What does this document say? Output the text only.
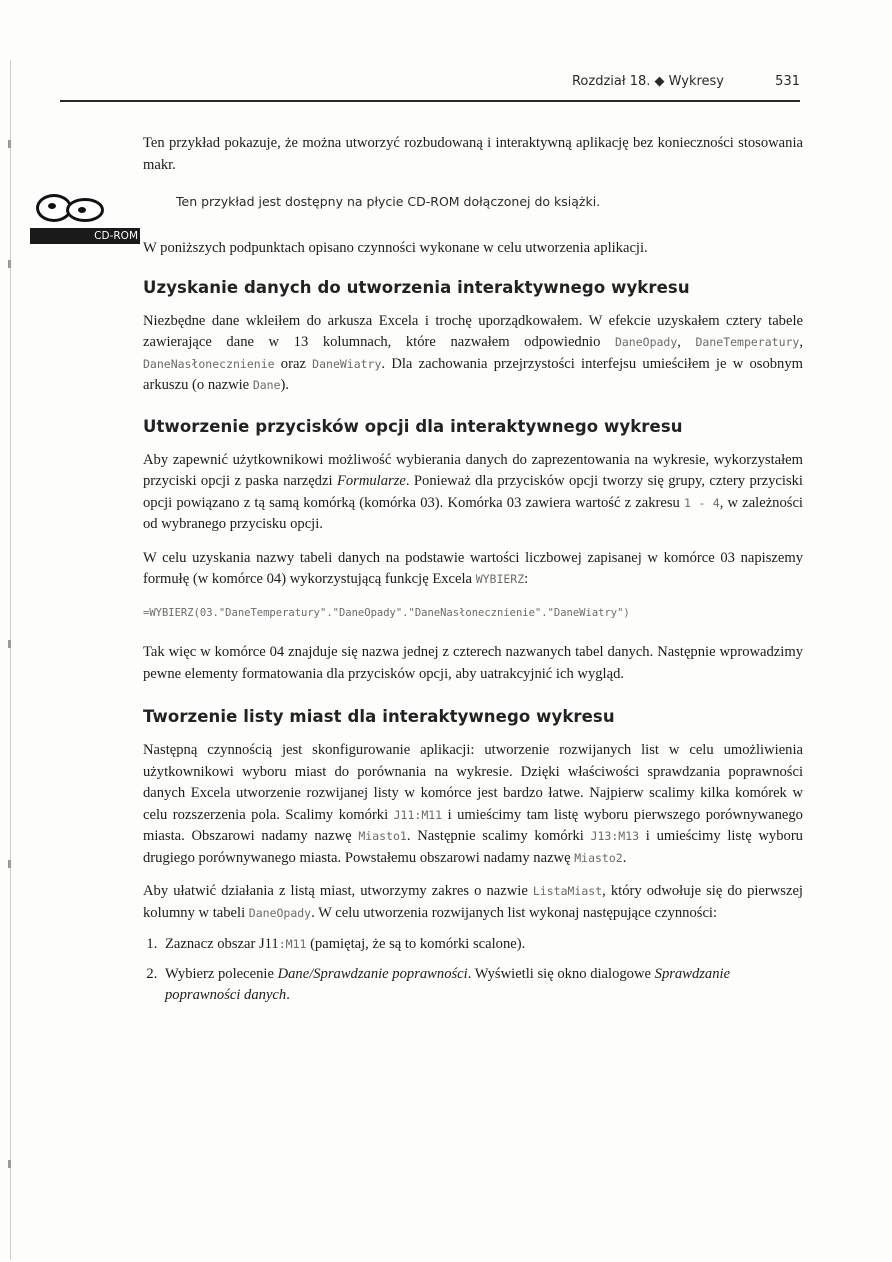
Rozdział 18. ◆ Wykresy	531
CD-ROM

Ten przykład pokazuje, że można utworzyć rozbudowaną i interaktywną aplikację bez konieczności stosowania makr.

Ten przykład jest dostępny na płycie CD-ROM dołączonej do książki.

W poniższych podpunktach opisano czynności wykonane w celu utworzenia aplikacji.

Uzyskanie danych do utworzenia interaktywnego wykresu

Niezbędne dane wkleiłem do arkusza Excela i trochę uporządkowałem. W efekcie uzyskałem cztery tabele zawierające dane w 13 kolumnach, które nazwałem odpowiednio DaneOpady, DaneTemperatury, DaneNasłonecznienie oraz DaneWiatry. Dla zachowania przejrzystości interfejsu umieściłem je w osobnym arkuszu (o nazwie Dane).

Utworzenie przycisków opcji dla interaktywnego wykresu

Aby zapewnić użytkownikowi możliwość wybierania danych do zaprezentowania na wykresie, wykorzystałem przyciski opcji z paska narzędzi Formularze. Ponieważ dla przycisków opcji tworzy się grupy, cztery przyciski opcji powiązano z tą samą komórką (komórka 03). Komórka 03 zawiera wartość z zakresu 1 - 4, w zależności od wybranego przycisku opcji.

W celu uzyskania nazwy tabeli danych na podstawie wartości liczbowej zapisanej w komórce 03 napiszemy formułę (w komórce 04) wykorzystującą funkcję Excela WYBIERZ:

=WYBIERZ(03."DaneTemperatury"."DaneOpady"."DaneNasłonecznienie"."DaneWiatry")

Tak więc w komórce 04 znajduje się nazwa jednej z czterech nazwanych tabel danych. Następnie wprowadzimy pewne elementy formatowania dla przycisków opcji, aby uatrakcyjnić ich wygląd.

Tworzenie listy miast dla interaktywnego wykresu

Następną czynnością jest skonfigurowanie aplikacji: utworzenie rozwijanych list w celu umożliwienia użytkownikowi wyboru miast do porównania na wykresie. Dzięki właściwości sprawdzania poprawności danych Excela utworzenie rozwijanej listy w komórce jest bardzo łatwe. Najpierw scalimy kilka komórek w celu rozszerzenia pola. Scalimy komórki J11:M11 i umieścimy tam listę wyboru pierwszego porównywanego miasta. Obszarowi nadamy nazwę Miasto1. Następnie scalimy komórki J13:M13 i umieścimy listę wyboru drugiego porównywanego miasta. Powstałemu obszarowi nadamy nazwę Miasto2.

Aby ułatwić działania z listą miast, utworzymy zakres o nazwie ListaMiast, który odwołuje się do pierwszej kolumny w tabeli DaneOpady. W celu utworzenia rozwijanych list wykonaj następujące czynności:

1. Zaznacz obszar J11:M11 (pamiętaj, że są to komórki scalone).
2. Wybierz polecenie Dane/Sprawdzanie poprawności. Wyświetli się okno dialogowe Sprawdzanie poprawności danych.
